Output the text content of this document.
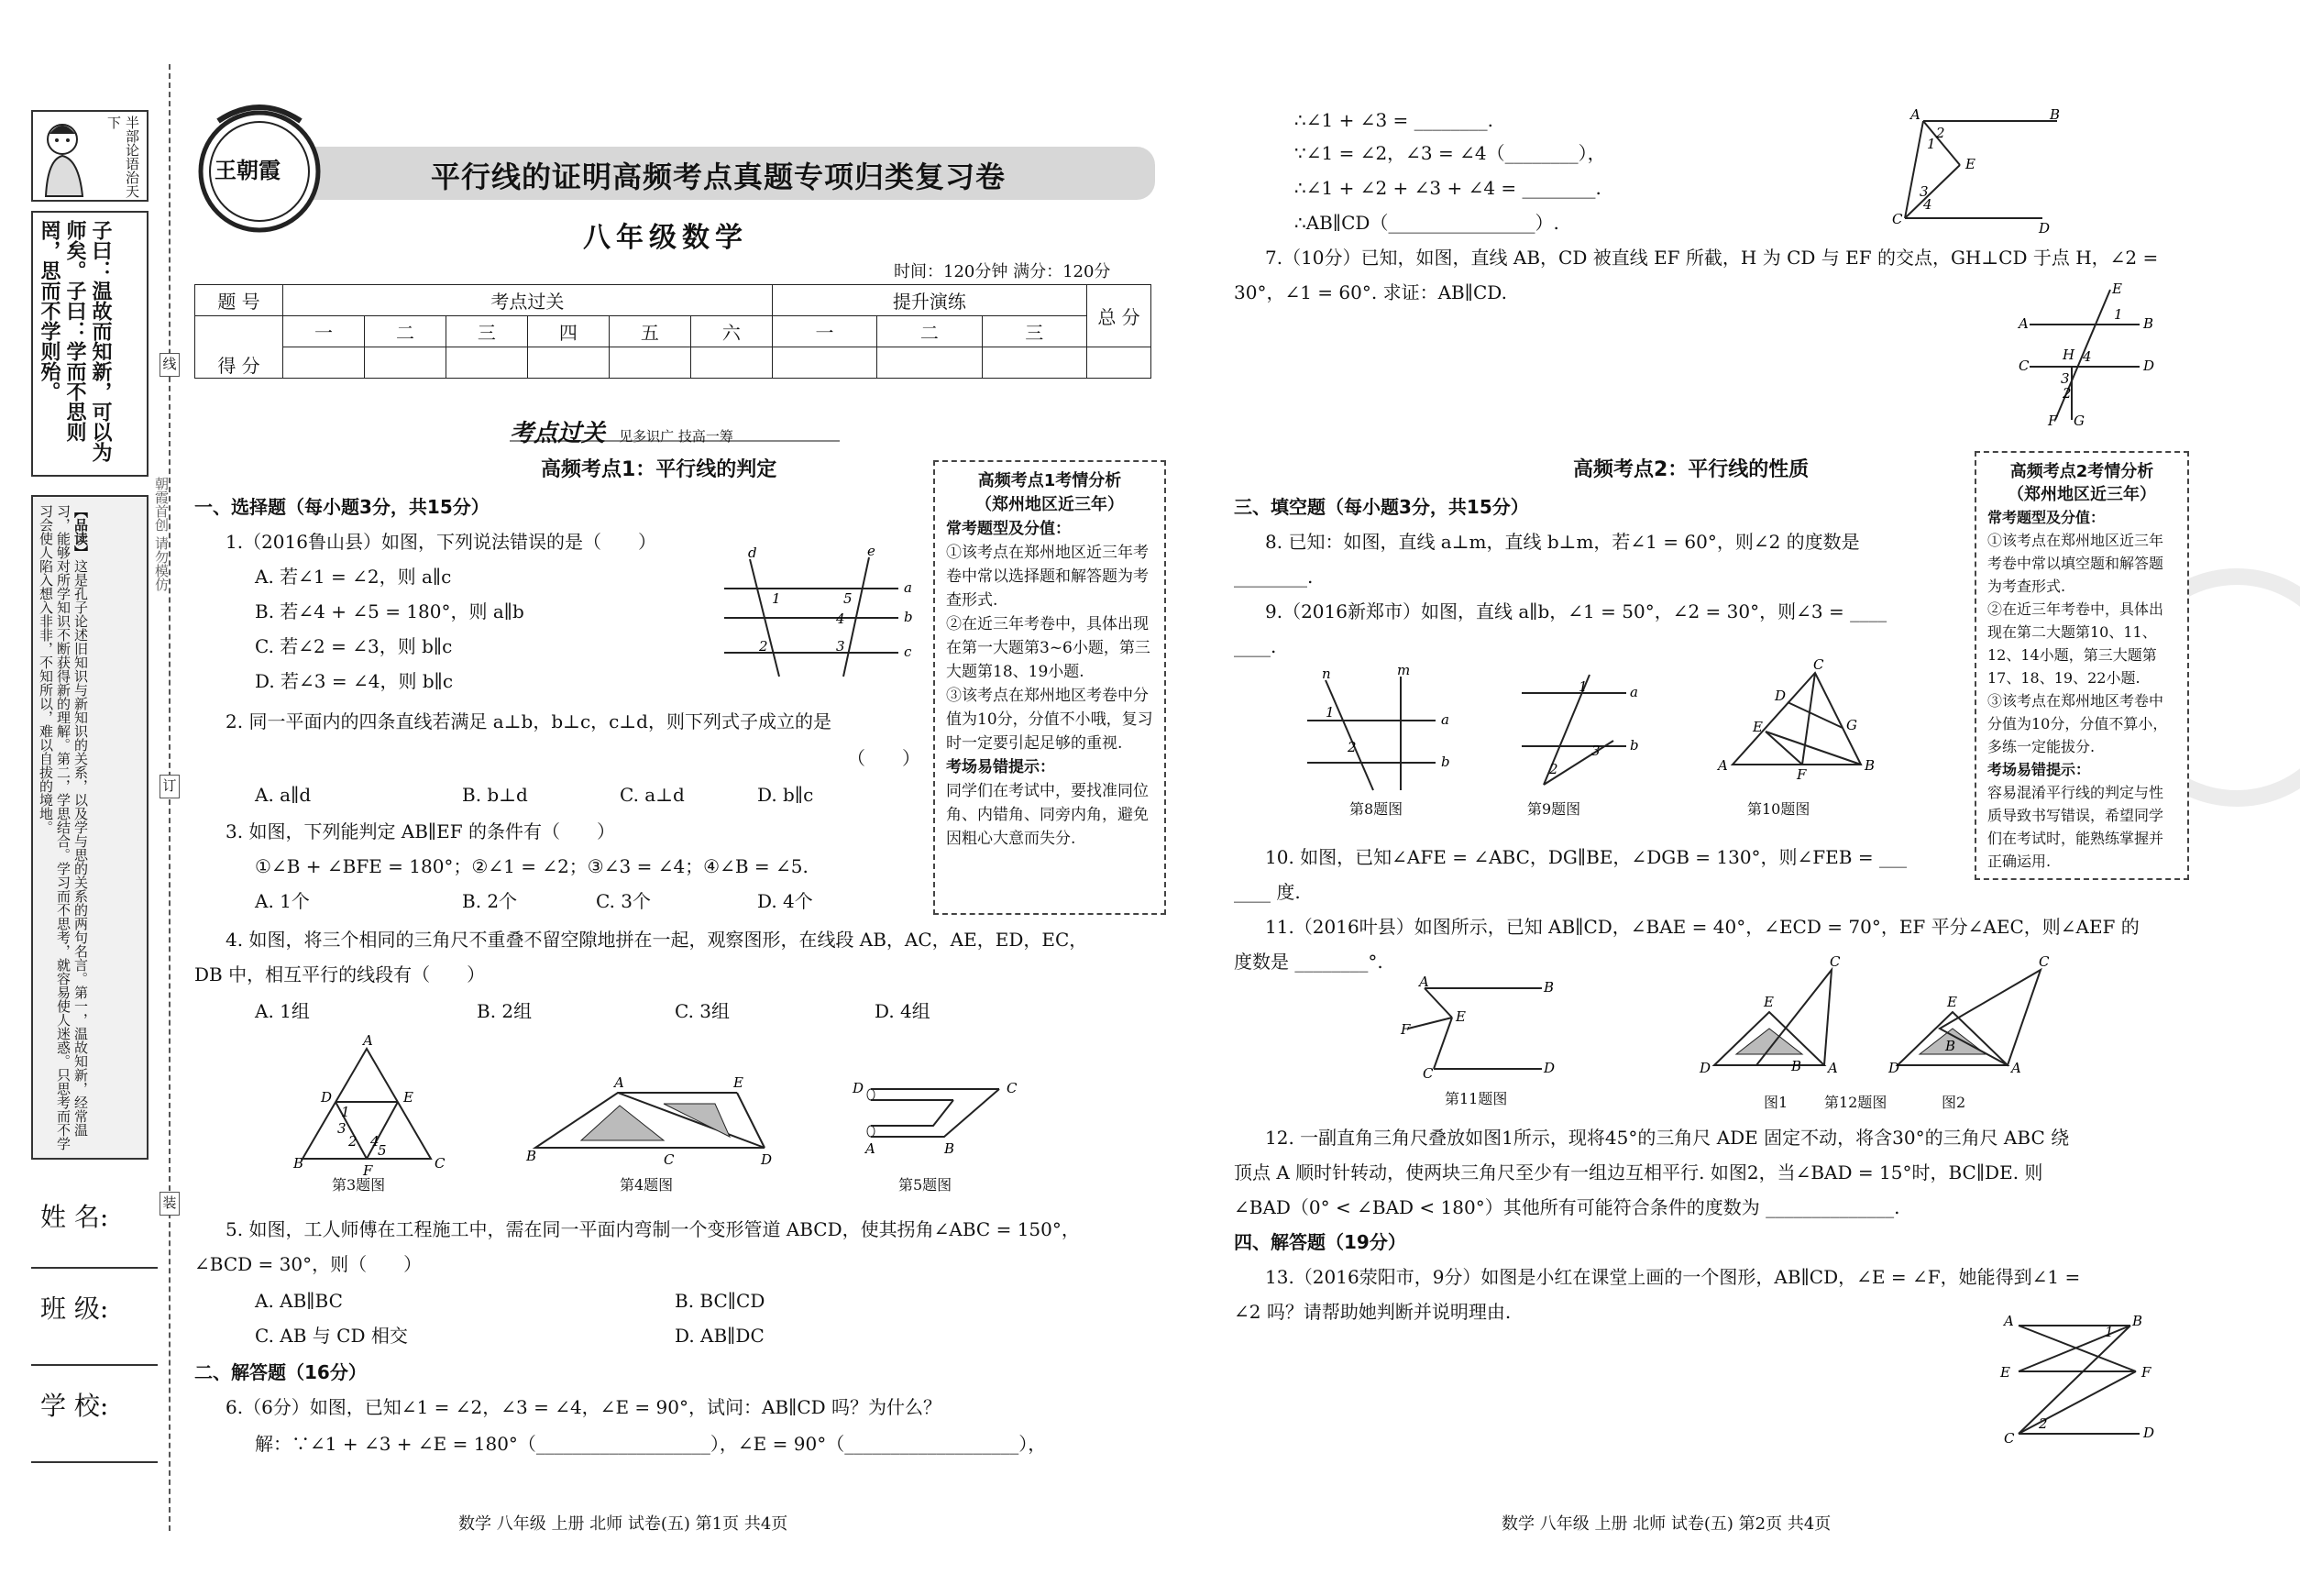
半部论语治天下
子曰：温故而知新，可以为师矣。子曰：学而不思则罔，思而不学则殆。
【品读】这是孔子论述旧知识与新知识的关系，以及学与思的关系的两句名言。第一，温故知新，经常温习，能够对所学知识不断获得新的理解。第二，学思结合。学习而不思考，就容易使人迷惑。只思考而不学习会使人陷入想入非非，不知所以，难以自拔的境地。	朝霞首创 请勿模仿
线
订
装
姓 名:
班 级:
学 校:
王朝霞	平行线的证明高频考点真题专项归类复习卷
八年级数学
时间：120分钟 满分：120分
题 号	考点过关						提升演练			总 分
得 分	一	二	三	四	五	六	一	二	三	

考点过关 见多识广 技高一筹
高频考点1：平行线的判定
一、选择题（每小题3分，共15分）
1.（2016鲁山县）如图，下列说法错误的是（　　）
A. 若∠1 = ∠2，则 a∥c
B. 若∠4 + ∠5 = 180°，则 a∥b
C. 若∠2 = ∠3，则 b∥c
D. 若∠3 = ∠4，则 b∥c
d	e
a
b
c
1	5
4
2	3
2. 同一平面内的四条直线若满足 a⊥b，b⊥c，c⊥d，则下列式子成立的是
（　　）
A. a∥d	B. b⊥d	C. a⊥d	D. b∥c
3. 如图，下列能判定 AB∥EF 的条件有（　　）
①∠B + ∠BFE = 180°；②∠1 = ∠2；③∠3 = ∠4；④∠B = ∠5.
A. 1个	B. 2个	C. 3个	D. 4个
4. 如图，将三个相同的三角尺不重叠不留空隙地拼在一起，观察图形，在线段 AB，AC，AE，ED，EC，
DB 中，相互平行的线段有（　　）
A. 1组	B. 2组	C. 3组	D. 4组
A
D	E
B	C
F
1
3
2 4
5
A	E
B	C	D
D	C
A	B
第3题图	第4题图	第5题图
5. 如图，工人师傅在工程施工中，需在同一平面内弯制一个变形管道 ABCD，使其拐角∠ABC = 150°，
∠BCD = 30°，则（　　）
A. AB∥BC	B. BC∥CD
C. AB 与 CD 相交	D. AB∥DC
二、解答题（16分）
6.（6分）如图，已知∠1 = ∠2，∠3 = ∠4，∠E = 90°，试问：AB∥CD 吗？为什么？
解：∵∠1 + ∠3 + ∠E = 180°（___________________），∠E = 90°（___________________），
高频考点1考情分析
（郑州地区近三年）
常考题型及分值：
①该考点在郑州地区近三年考卷中常以选择题和解答题为考查形式.
②在近三年考卷中，具体出现在第一大题第3~6小题，第三大题第18、19小题.
③该考点在郑州地区考卷中分值为10分，分值不小哦，复习时一定要引起足够的重视.
考场易错提示：
同学们在考试中，要找准同位角、内错角、同旁内角，避免因粗心大意而失分.
数学 八年级 上册 北师 试卷(五) 第1页 共4页
∴∠1 + ∠3 = ________.
∵∠1 = ∠2，∠3 = ∠4（________），
∴∠1 + ∠2 + ∠3 + ∠4 = ________.
∴AB∥CD（________________）.
A	B
E
C
D
1
2
3
4
7.（10分）已知，如图，直线 AB，CD 被直线 EF 所截，H 为 CD 与 EF 的交点，GH⊥CD 于点 H，∠2 =
30°，∠1 = 60°. 求证：AB∥CD.
A	B
E
C	D
H
F G
1
4
3
2
高频考点2：平行线的性质
三、填空题（每小题3分，共15分）
8. 已知：如图，直线 a⊥m，直线 b⊥m，若∠1 = 60°，则∠2 的度数是
________.
9.（2016新郑市）如图，直线 a∥b，∠1 = 50°，∠2 = 30°，则∠3 = ____
____.
n	m
a
b
1
2
a
b
1
2
3
C
D
G
E
A	B
F
第8题图	第9题图	第10题图
10. 如图，已知∠AFE = ∠ABC，DG∥BE，∠DGB = 130°，则∠FEB = ___
____ 度.
11.（2016叶县）如图所示，已知 AB∥CD，∠BAE = 40°，∠ECD = 70°，EF 平分∠AEC，则∠AEF 的
度数是 ________°.
A	B
E
F
C	D
第11题图
E
C
D	A
B
E
C
D	A
B
图1 第12题图	图2
12. 一副直角三角尺叠放如图1所示，现将45°的三角尺 ADE 固定不动，将含30°的三角尺 ABC 绕
顶点 A 顺时针转动，使两块三角尺至少有一组边互相平行. 如图2，当∠BAD = 15°时，BC∥DE. 则
∠BAD（0° < ∠BAD < 180°）其他所有可能符合条件的度数为 ______________.
四、解答题（19分）
13.（2016荥阳市，9分）如图是小红在课堂上画的一个图形，AB∥CD，∠E = ∠F，她能得到∠1 =
∠2 吗？请帮助她判断并说明理由.	A	B
E	F
C	D
1
2
高频考点2考情分析
（郑州地区近三年）
常考题型及分值：
①该考点在郑州地区近三年考卷中常以填空题和解答题为考查形式.
②在近三年考卷中，具体出现在第二大题第10、11、12、14小题，第三大题第17、18、19、22小题.
③该考点在郑州地区考卷中分值为10分，分值不算小，多练一定能拔分.
考场易错提示：
容易混淆平行线的判定与性质导致书写错误，希望同学们在考试时，能熟练掌握并正确运用.
数学 八年级 上册 北师 试卷(五) 第2页 共4页
